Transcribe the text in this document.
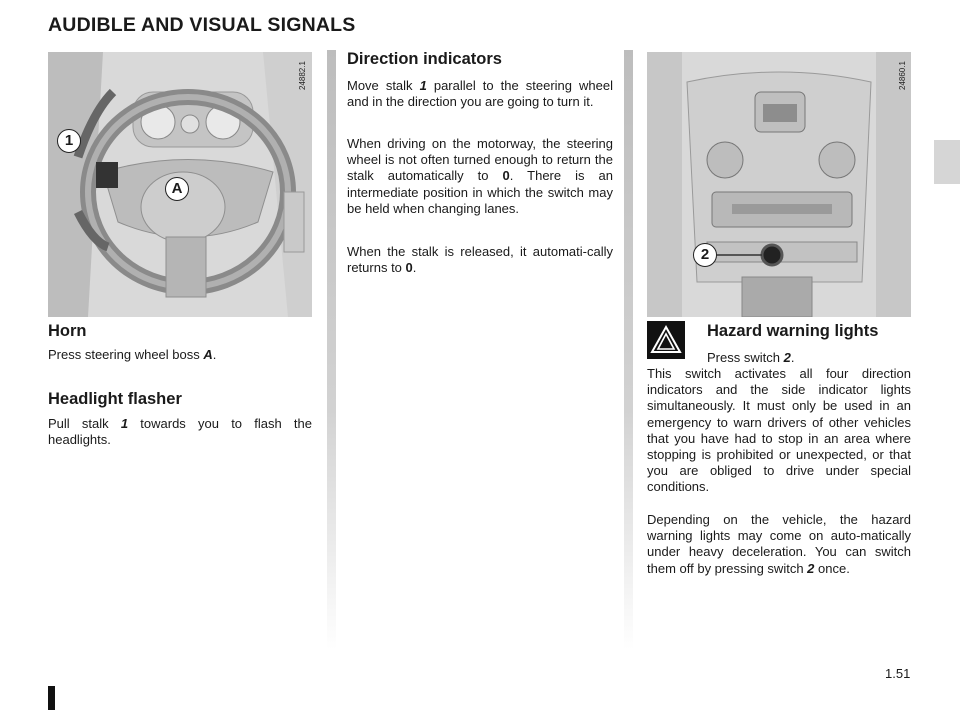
AUDIBLE AND VISUAL SIGNALS
1
A
24882.1
2
24860.1
Horn

Press steering wheel boss A.

Headlight flasher

Pull stalk 1 towards you to flash the headlights.

Direction indicators

Move stalk 1 parallel to the steering wheel and in the direction you are going to turn it.

When driving on the motorway, the steering wheel is not often turned enough to return the stalk automatically to 0. There is an intermediate position in which the switch may be held when changing lanes.

When the stalk is released, it automati-cally returns to 0.

Hazard warning lights

Press switch 2.

This switch activates all four direction indicators and the side indicator lights simultaneously. It must only be used in an emergency to warn drivers of other vehicles that you have had to stop in an area where stopping is prohibited or unexpected, or that you are obliged to drive under special conditions.

Depending on the vehicle, the hazard warning lights may come on auto-matically under heavy deceleration. You can switch them off by pressing switch 2 once.

1.51
